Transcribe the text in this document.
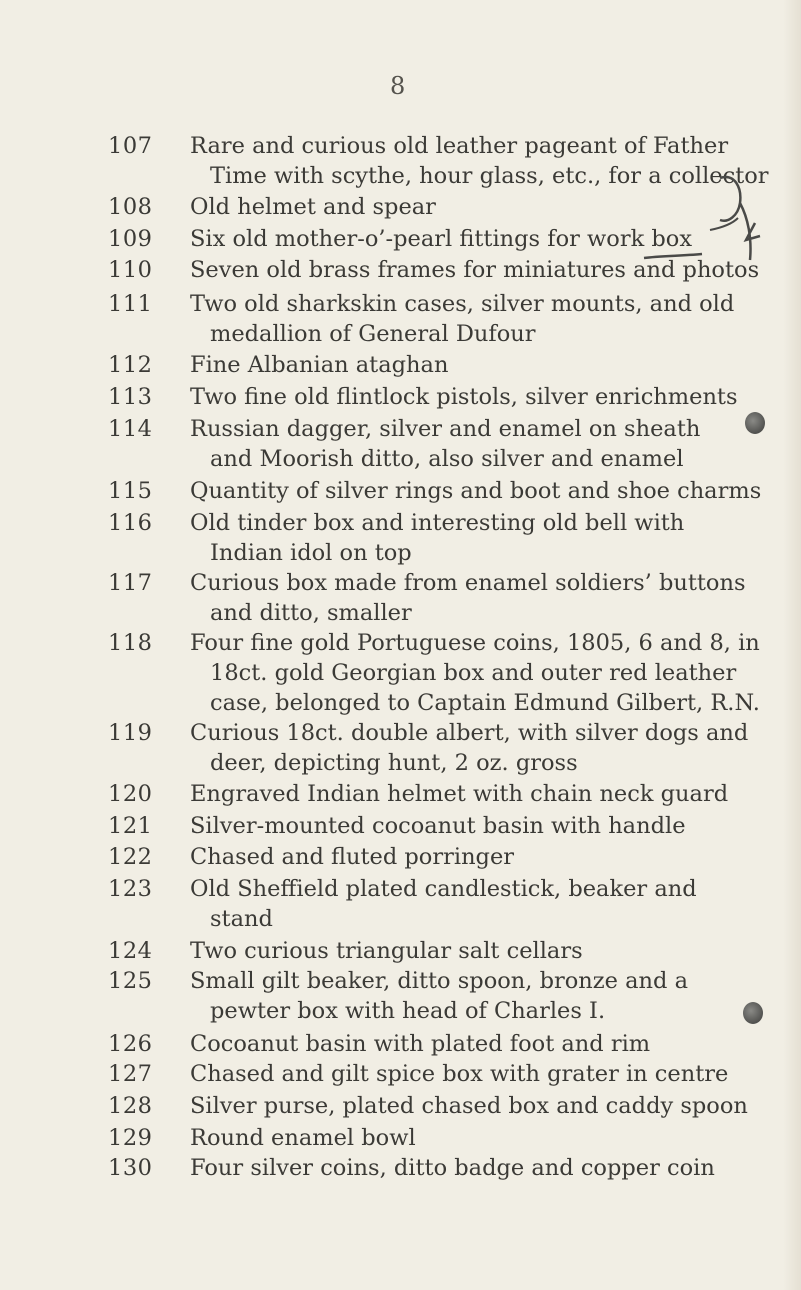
8
107	Rare and curious old leather pageant of Father
Time with scythe, hour glass, etc., for a collector
108	Old helmet and spear
109	Six old mother-o’-pearl fittings for work box
110	Seven old brass frames for miniatures and photos
111	Two old sharkskin cases, silver mounts, and old
medallion of General Dufour
112	Fine Albanian ataghan
113	Two fine old flintlock pistols, silver enrichments
114	Russian dagger, silver and enamel on sheath
and Moorish ditto, also silver and enamel
115	Quantity of silver rings and boot and shoe charms
116	Old tinder box and interesting old bell with
Indian idol on top
117	Curious box made from enamel soldiers’ buttons
and ditto, smaller
118	Four fine gold Portuguese coins, 1805, 6 and 8, in
18ct. gold Georgian box and outer red leather
case, belonged to Captain Edmund Gilbert, R.N.
119	Curious 18ct. double albert, with silver dogs and
deer, depicting hunt, 2 oz. gross
120	Engraved Indian helmet with chain neck guard
121	Silver-mounted cocoanut basin with handle
122	Chased and fluted porringer
123	Old Sheffield plated candlestick, beaker and
stand
124	Two curious triangular salt cellars
125	Small gilt beaker, ditto spoon, bronze and a
pewter box with head of Charles I.
126	Cocoanut basin with plated foot and rim
127	Chased and gilt spice box with grater in centre
128	Silver purse, plated chased box and caddy spoon
129	Round enamel bowl
130	Four silver coins, ditto badge and copper coin
